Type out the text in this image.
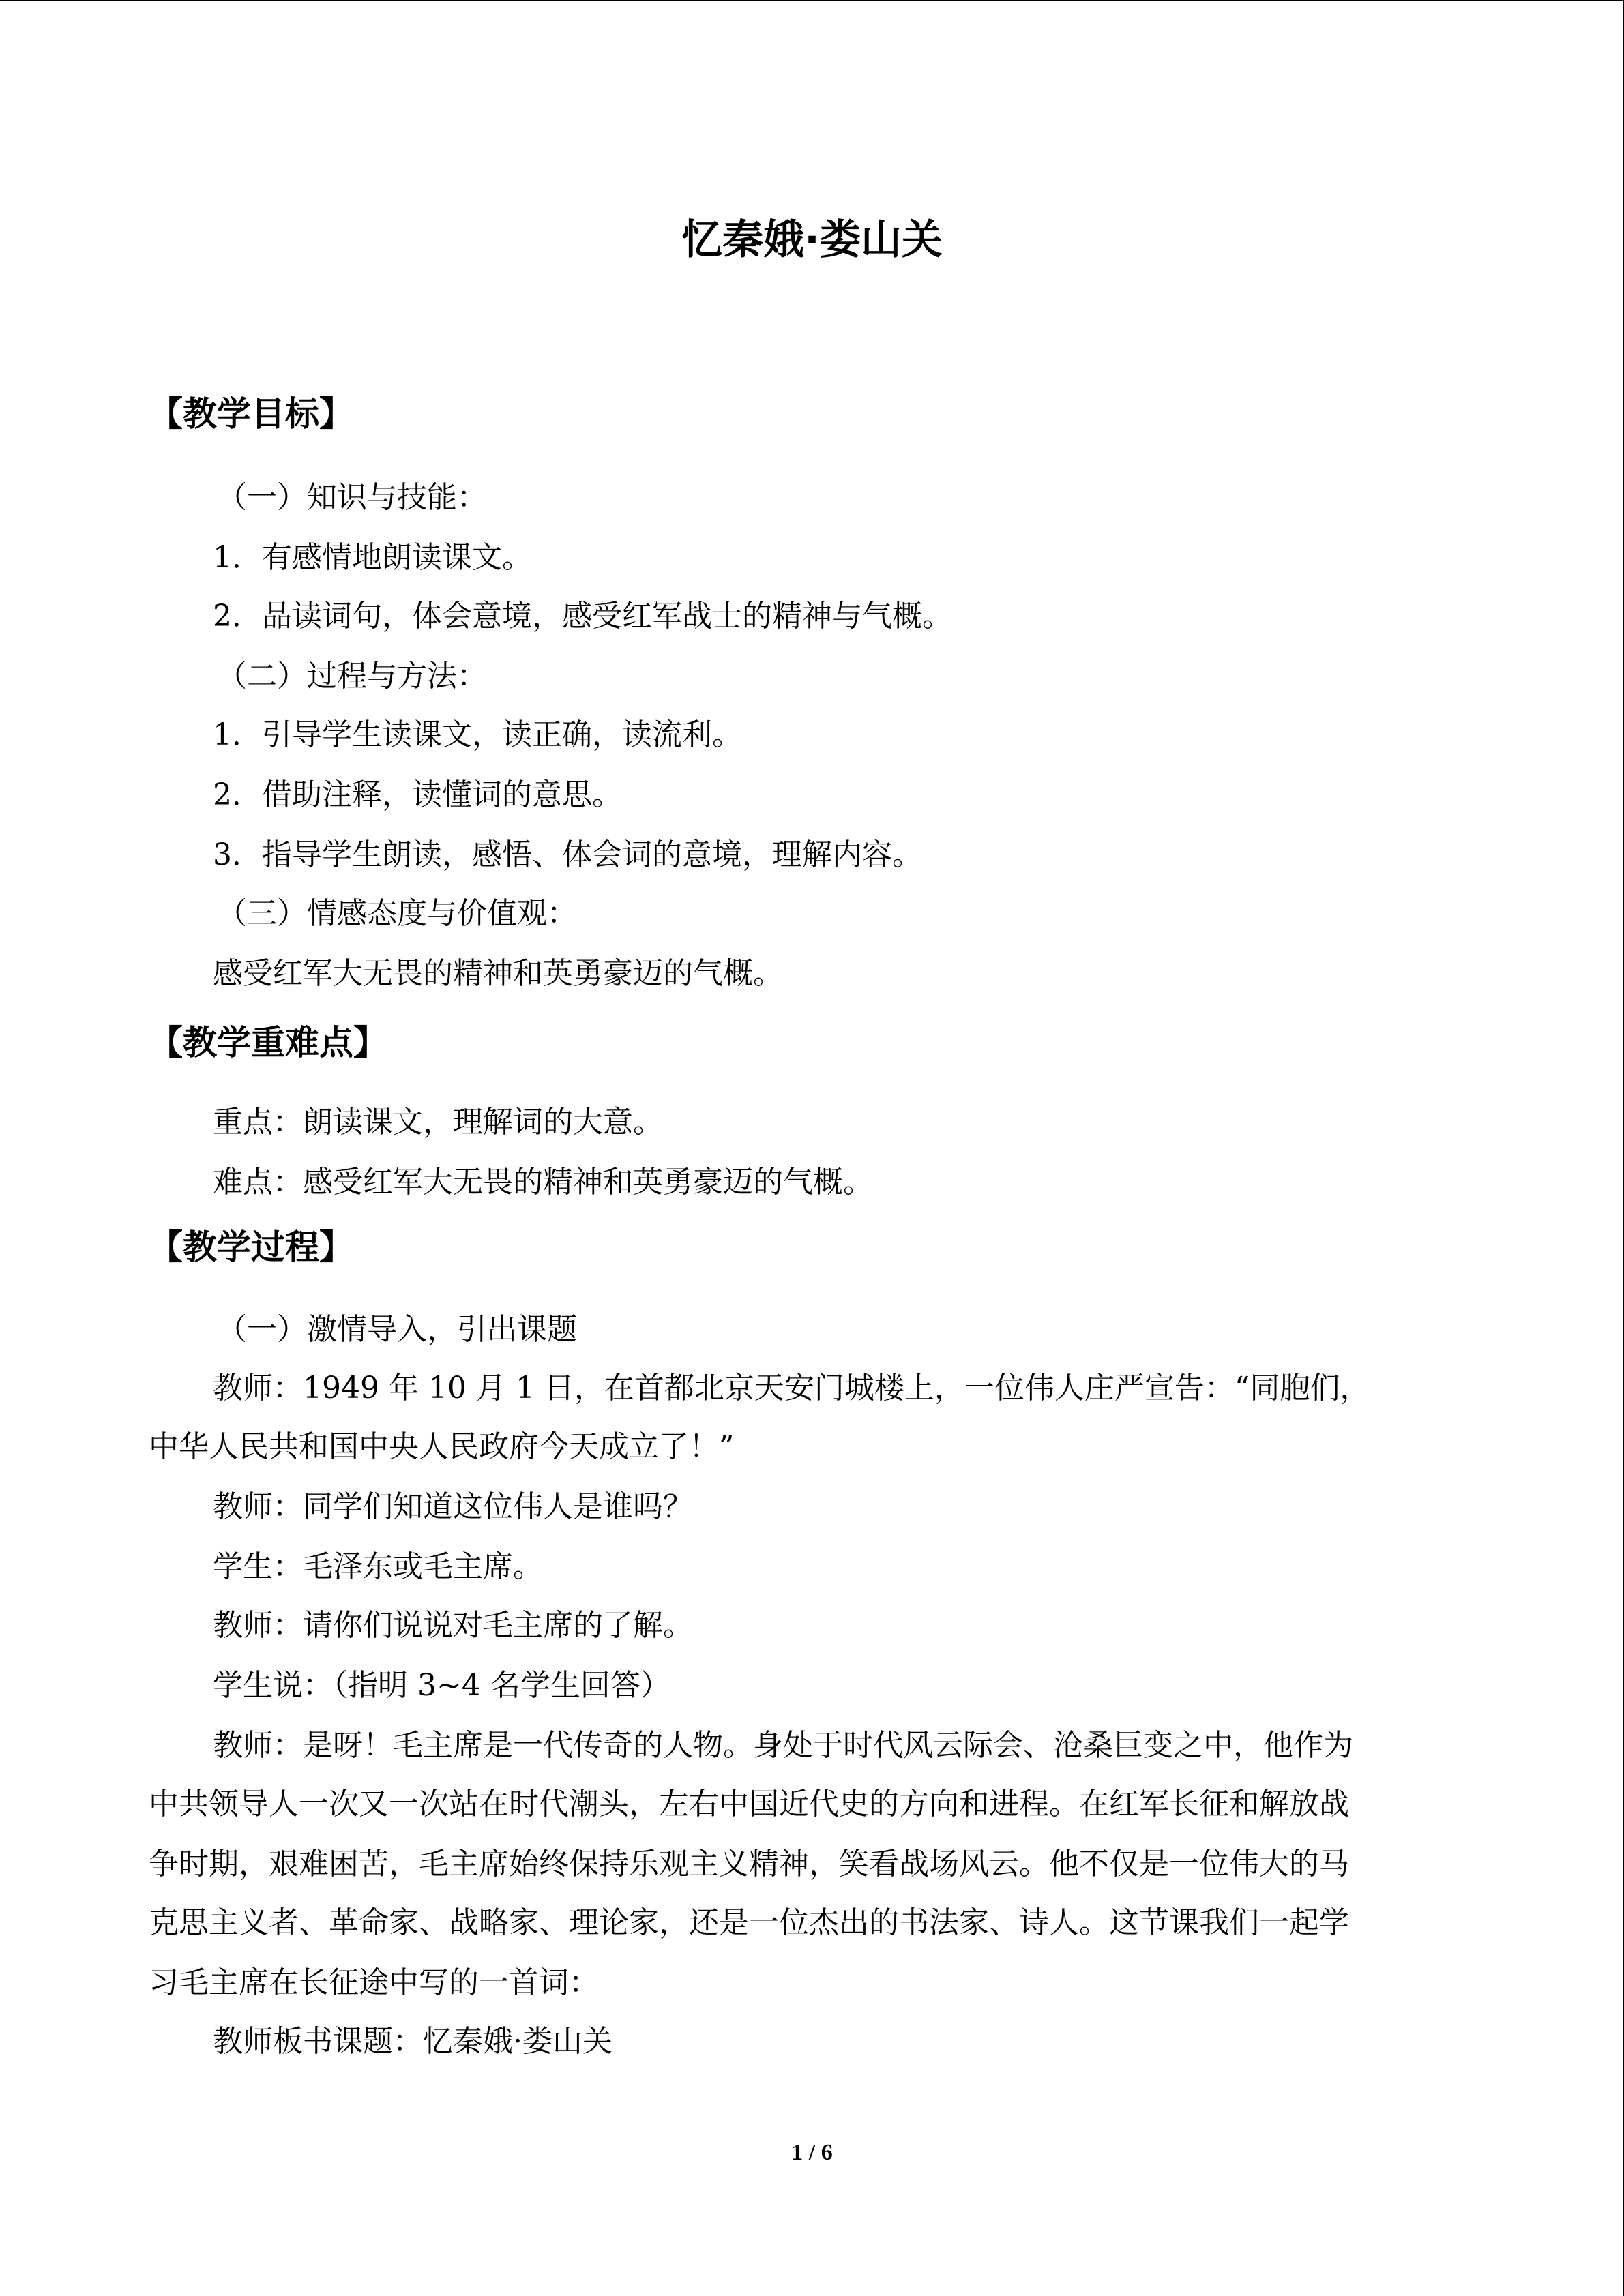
忆秦娥·娄山关
【教学目标】
（一）知识与技能：
1．有感情地朗读课文。
2．品读词句，体会意境，感受红军战士的精神与气概。
（二）过程与方法：
1．引导学生读课文，读正确，读流利。
2．借助注释，读懂词的意思。
3．指导学生朗读，感悟、体会词的意境，理解内容。
（三）情感态度与价值观：
感受红军大无畏的精神和英勇豪迈的气概。
【教学重难点】
重点：朗读课文，理解词的大意。
难点：感受红军大无畏的精神和英勇豪迈的气概。
【教学过程】
（一）激情导入，引出课题
教师：1949 年 10 月 1 日，在首都北京天安门城楼上，一位伟人庄严宣告：“同胞们，
中华人民共和国中央人民政府今天成立了！”
教师：同学们知道这位伟人是谁吗？
学生：毛泽东或毛主席。
教师：请你们说说对毛主席的了解。
学生说：（指明 3~4 名学生回答）
教师：是呀！毛主席是一代传奇的人物。身处于时代风云际会、沧桑巨变之中，他作为
中共领导人一次又一次站在时代潮头，左右中国近代史的方向和进程。在红军长征和解放战
争时期，艰难困苦，毛主席始终保持乐观主义精神，笑看战场风云。他不仅是一位伟大的马
克思主义者、革命家、战略家、理论家，还是一位杰出的书法家、诗人。这节课我们一起学
习毛主席在长征途中写的一首词：
教师板书课题：忆秦娥·娄山关
1 / 6
